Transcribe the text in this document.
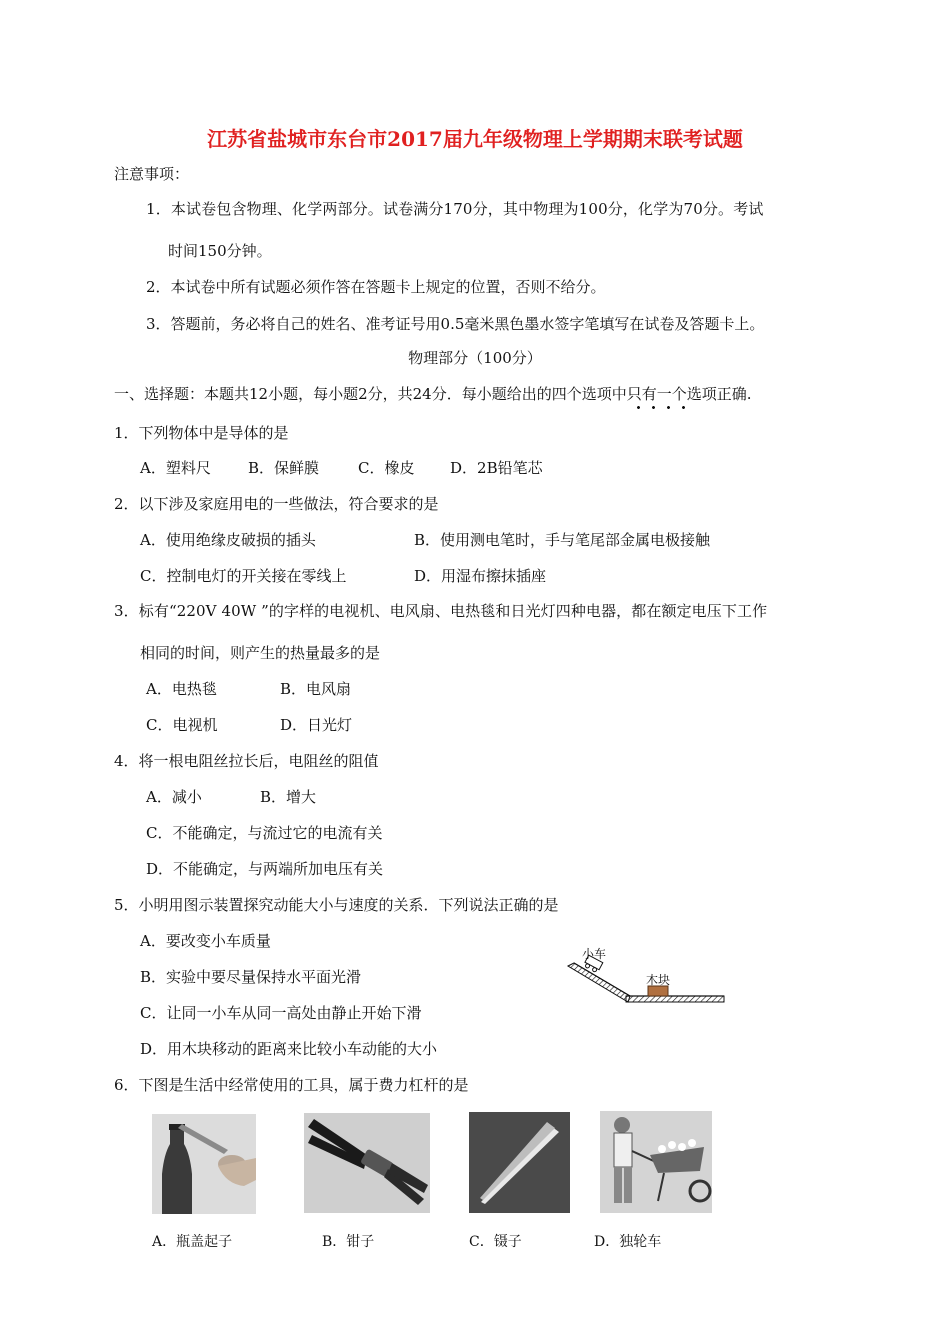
江苏省盐城市东台市2017届九年级物理上学期期末联考试题
注意事项：
1．本试卷包含物理、化学两部分。试卷满分170分，其中物理为100分，化学为70分。考试
时间150分钟。
2．本试卷中所有试题必须作答在答题卡上规定的位置，否则不给分。
3．答题前，务必将自己的姓名、准考证号用0.5毫米黑色墨水签字笔填写在试卷及答题卡上。
物理部分（100分）
一、选择题：本题共12小题，每小题2分，共24分．每小题给出的四个选项中只有一个选项正确.
1．下列物体中是导体的是
A．塑料尺 B．保鲜膜	C．橡皮 D．2B铅笔芯
2．以下涉及家庭用电的一些做法，符合要求的是
A．使用绝缘皮破损的插头	B．使用测电笔时，手与笔尾部金属电极接触
C．控制电灯的开关接在零线上	D．用湿布擦抹插座
3．标有“220V 40W ”的字样的电视机、电风扇、电热毯和日光灯四种电器，都在额定电压下工作
相同的时间，则产生的热量最多的是
A．电热毯	B．电风扇
C．电视机	D．日光灯
4．将一根电阻丝拉长后，电阻丝的阻值
A．减小	B．增大
C．不能确定，与流过它的电流有关
D．不能确定，与两端所加电压有关
5．小明用图示装置探究动能大小与速度的关系．下列说法正确的是
A．要改变小车质量
B．实验中要尽量保持水平面光滑
C．让同一小车从同一高处由静止开始下滑
D．用木块移动的距离来比较小车动能的大小
小车
木块
6．下图是生活中经常使用的工具，属于费力杠杆的是
A．瓶盖起子	B．钳子	C．镊子	D．独轮车
